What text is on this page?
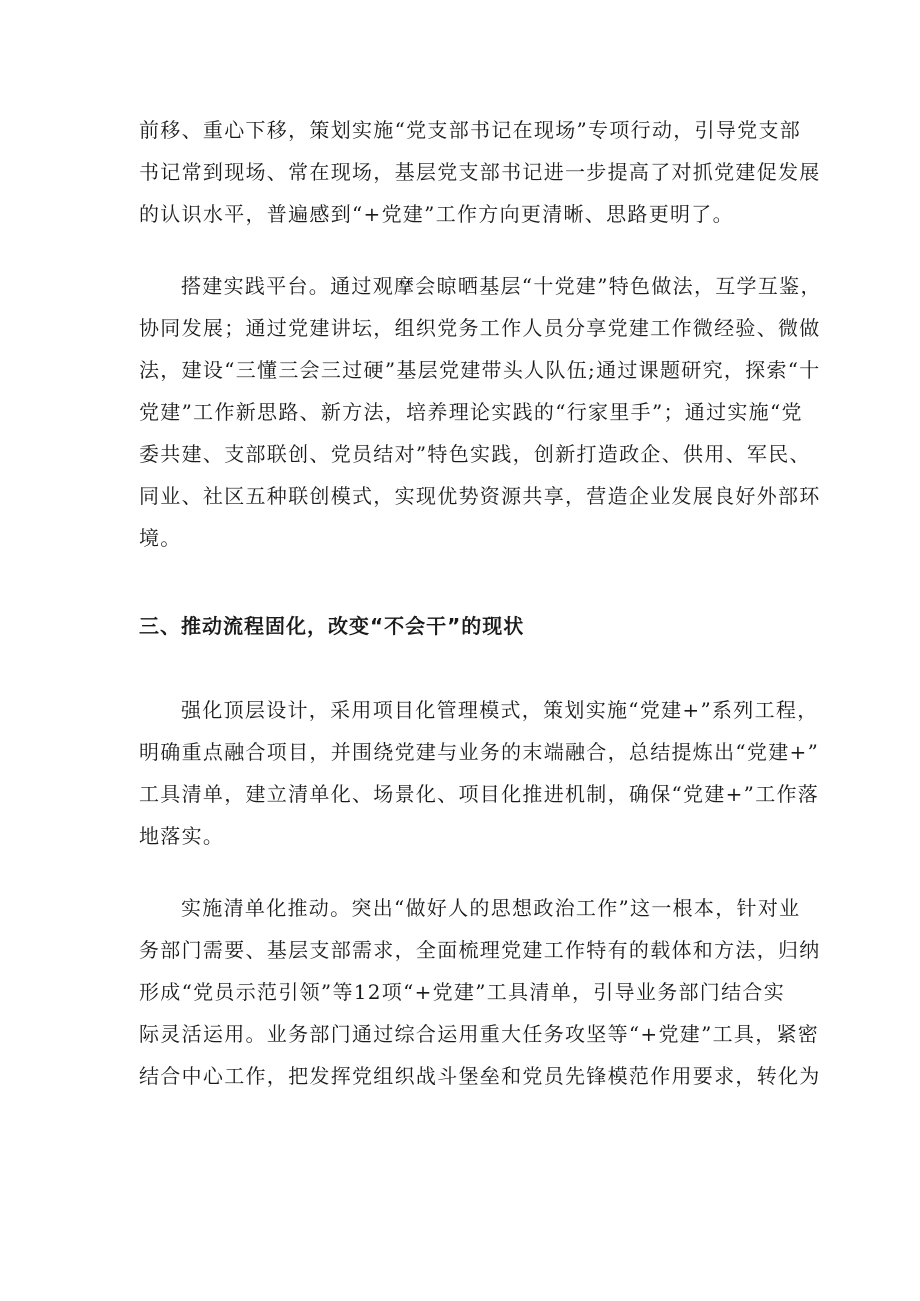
前移、重心下移，策划实施“党支部书记在现场”专项行动，引导党支部
书记常到现场、常在现场，基层党支部书记进一步提高了对抓党建促发展
的认识水平，普遍感到“+党建”工作方向更清晰、思路更明了。
搭建实践平台。通过观摩会晾晒基层“十党建”特色做法，互学互鉴，
协同发展；通过党建讲坛，组织党务工作人员分享党建工作微经验、微做
法，建设“三懂三会三过硬”基层党建带头人队伍;通过课题研究，探索“十
党建”工作新思路、新方法，培养理论实践的“行家里手”；通过实施“党
委共建、支部联创、党员结对”特色实践，创新打造政企、供用、军民、
同业、社区五种联创模式，实现优势资源共享，营造企业发展良好外部环
境。
三、推动流程固化，改变“不会干”的现状
强化顶层设计，采用项目化管理模式，策划实施“党建+”系列工程，
明确重点融合项目，并围绕党建与业务的末端融合，总结提炼出“党建+”
工具清单，建立清单化、场景化、项目化推进机制，确保“党建+”工作落
地落实。
实施清单化推动。突出“做好人的思想政治工作”这一根本，针对业
务部门需要、基层支部需求，全面梳理党建工作特有的载体和方法，归纳
形成“党员示范引领”等12项“+党建”工具清单，引导业务部门结合实
际灵活运用。业务部门通过综合运用重大任务攻坚等“+党建”工具，紧密
结合中心工作，把发挥党组织战斗堡垒和党员先锋模范作用要求，转化为
